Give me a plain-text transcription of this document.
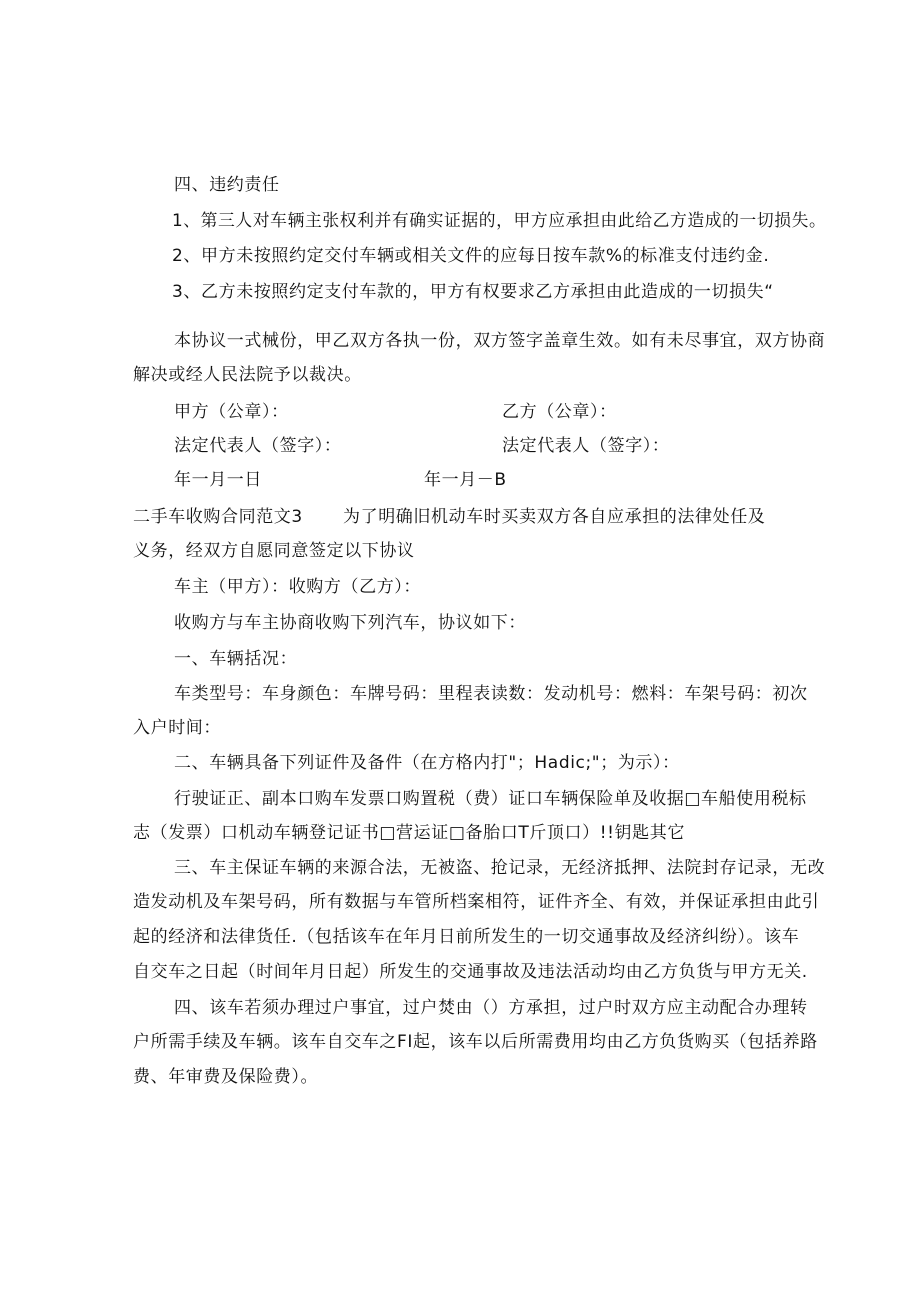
四、违约责任
1、第三人对车辆主张权利并有确实证据的，甲方应承担由此给乙方造成的一切损失。
2、甲方未按照约定交付车辆或相关文件的应每日按车款%的标准支付违约金.
3、乙方未按照约定支付车款的，甲方有权要求乙方承担由此造成的一切损失“
本协议一式械份，甲乙双方各执一份，双方签字盖章生效。如有未尽事宜，双方协商
解决或经人民法院予以裁决。
甲方（公章）：	乙方（公章）：
法定代表人（签字）：	法定代表人（签字）：
年一月一日	年一月－B
二手车收购合同范文3 为了明确旧机动车时买卖双方各自应承担的法律处任及
义务，经双方自愿同意签定以下协议
车主（甲方）：收购方（乙方）：
收购方与车主协商收购下列汽车，协议如下：
一、车辆括况：
车类型号：车身颜色：车牌号码：里程表读数：发动机号：燃料：车架号码：初次
入户时间：
二、车辆具备下列证件及备件（在方格内打"；Hadic;"；为示）：
行驶证正、副本口购车发票口购置税（费）证口车辆保险单及收据□车船使用税标
志（发票）口机动车辆登记证书□营运证□备胎口T斤顶口）!!钥匙其它
三、车主保证车辆的来源合法，无被盗、抢记录，无经济抵押、法院封存记录，无改
造发动机及车架号码，所有数据与车管所档案相符，证件齐全、有效，并保证承担由此引
起的经济和法律货任.（包括该车在年月日前所发生的一切交通事故及经济纠纷）。该车
自交车之日起（时间年月日起）所发生的交通事故及违法活动均由乙方负货与甲方无关.
四、该车若须办理过户事宜，过户焚由（）方承担，过户时双方应主动配合办理转
户所需手续及车辆。该车自交车之FI起，该车以后所需费用均由乙方负货购买（包括养路
费、年审费及保险费）。
